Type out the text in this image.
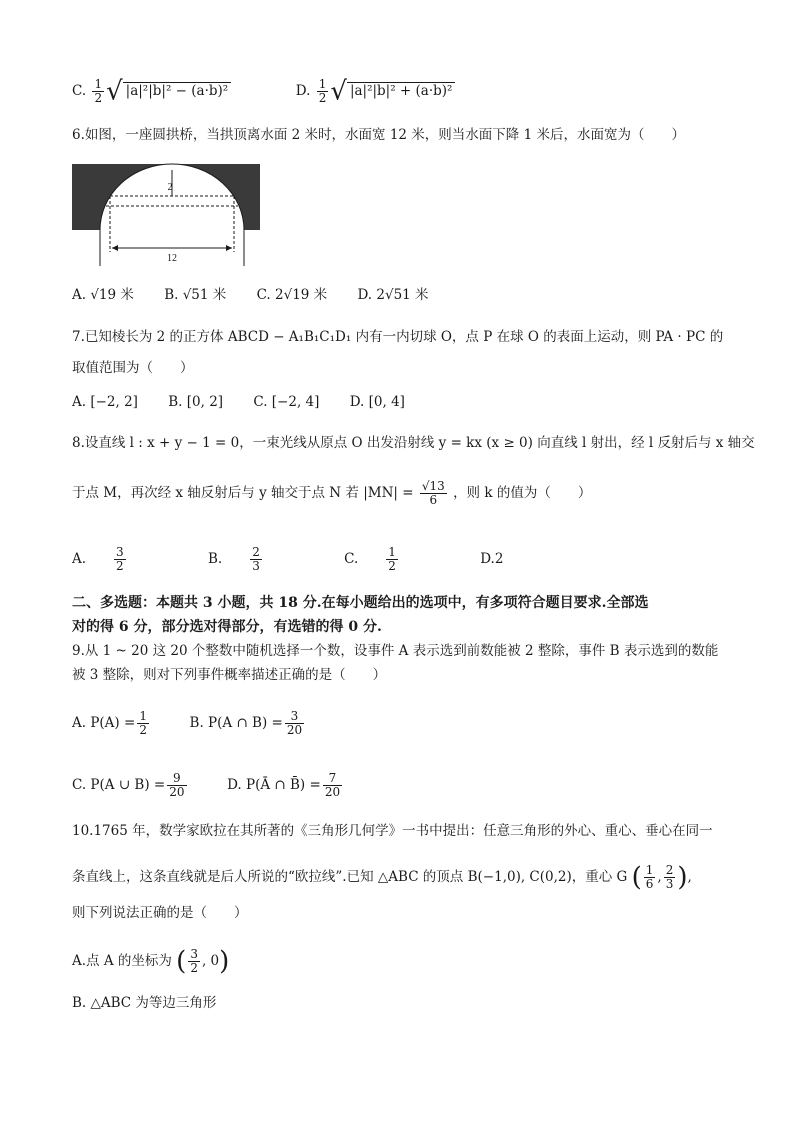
C. $\frac{1}{2}$ √ |a|²|b|² − (a·b)²	D. $\frac{1}{2}$ √ |a|²|b|² + (a·b)²
6.如图，一座圆拱桥，当拱顶离水面 2 米时，水面宽 12 米，则当水面下降 1 米后，水面宽为（　　）
2
12
A. √19 米 B. √51 米 C. 2√19 米 D. 2√51 米
7.已知棱长为 2 的正方体 ABCD − A₁B₁C₁D₁ 内有一内切球 O，点 P 在球 O 的表面上运动，则 PA · PC 的
取值范围为（　　）
A. [−2, 2] B. [0, 2] C. [−2, 4] D. [0, 4]
8.设直线 l : x + y − 1 = 0，一束光线从原点 O 出发沿射线 y = kx (x ≥ 0) 向直线 l 射出，经 l 反射后与 x 轴交
于点 M，再次经 x 轴反射后与 y 轴交于点 N 若 $|MN| = \frac{√13}{6}$ ，则 k 的值为（　　）
A. $\frac{3}{2}$	B. $\frac{2}{3}$	C. $\frac{1}{2}$	D.2
二、多选题：本题共 3 小题，共 18 分.在每小题给出的选项中，有多项符合题目要求.全部选
对的得 6 分，部分选对得部分，有选错的得 0 分.
9.从 1 ~ 20 这 20 个整数中随机选择一个数，设事件 A 表示选到前数能被 2 整除，事件 B 表示选到的数能
被 3 整除，则对下列事件概率描述正确的是（　　）
A. $P(A) = \frac{1}{2}$	B. P(A ∩ $B) = \frac{3}{20}$
C. P(A ∪ $B) = \frac{9}{20}$	D. P(Ā ∩ B̄) = $\frac{7}{20}$
10.1765 年，数学家欧拉在其所著的《三角形几何学》一书中提出：任意三角形的外心、重心、垂心在同一
条直线上，这条直线就是后人所说的“欧拉线”.已知 △ABC 的顶点 B(−1,0), C(0,2)，重心 G ( $\frac{1}{6}$ , $\frac{2}{3}$ ),
则下列说法正确的是（　　）
A.点 A 的坐标为 ( $\frac{3}{2}$ , 0)
B. △ABC 为等边三角形
